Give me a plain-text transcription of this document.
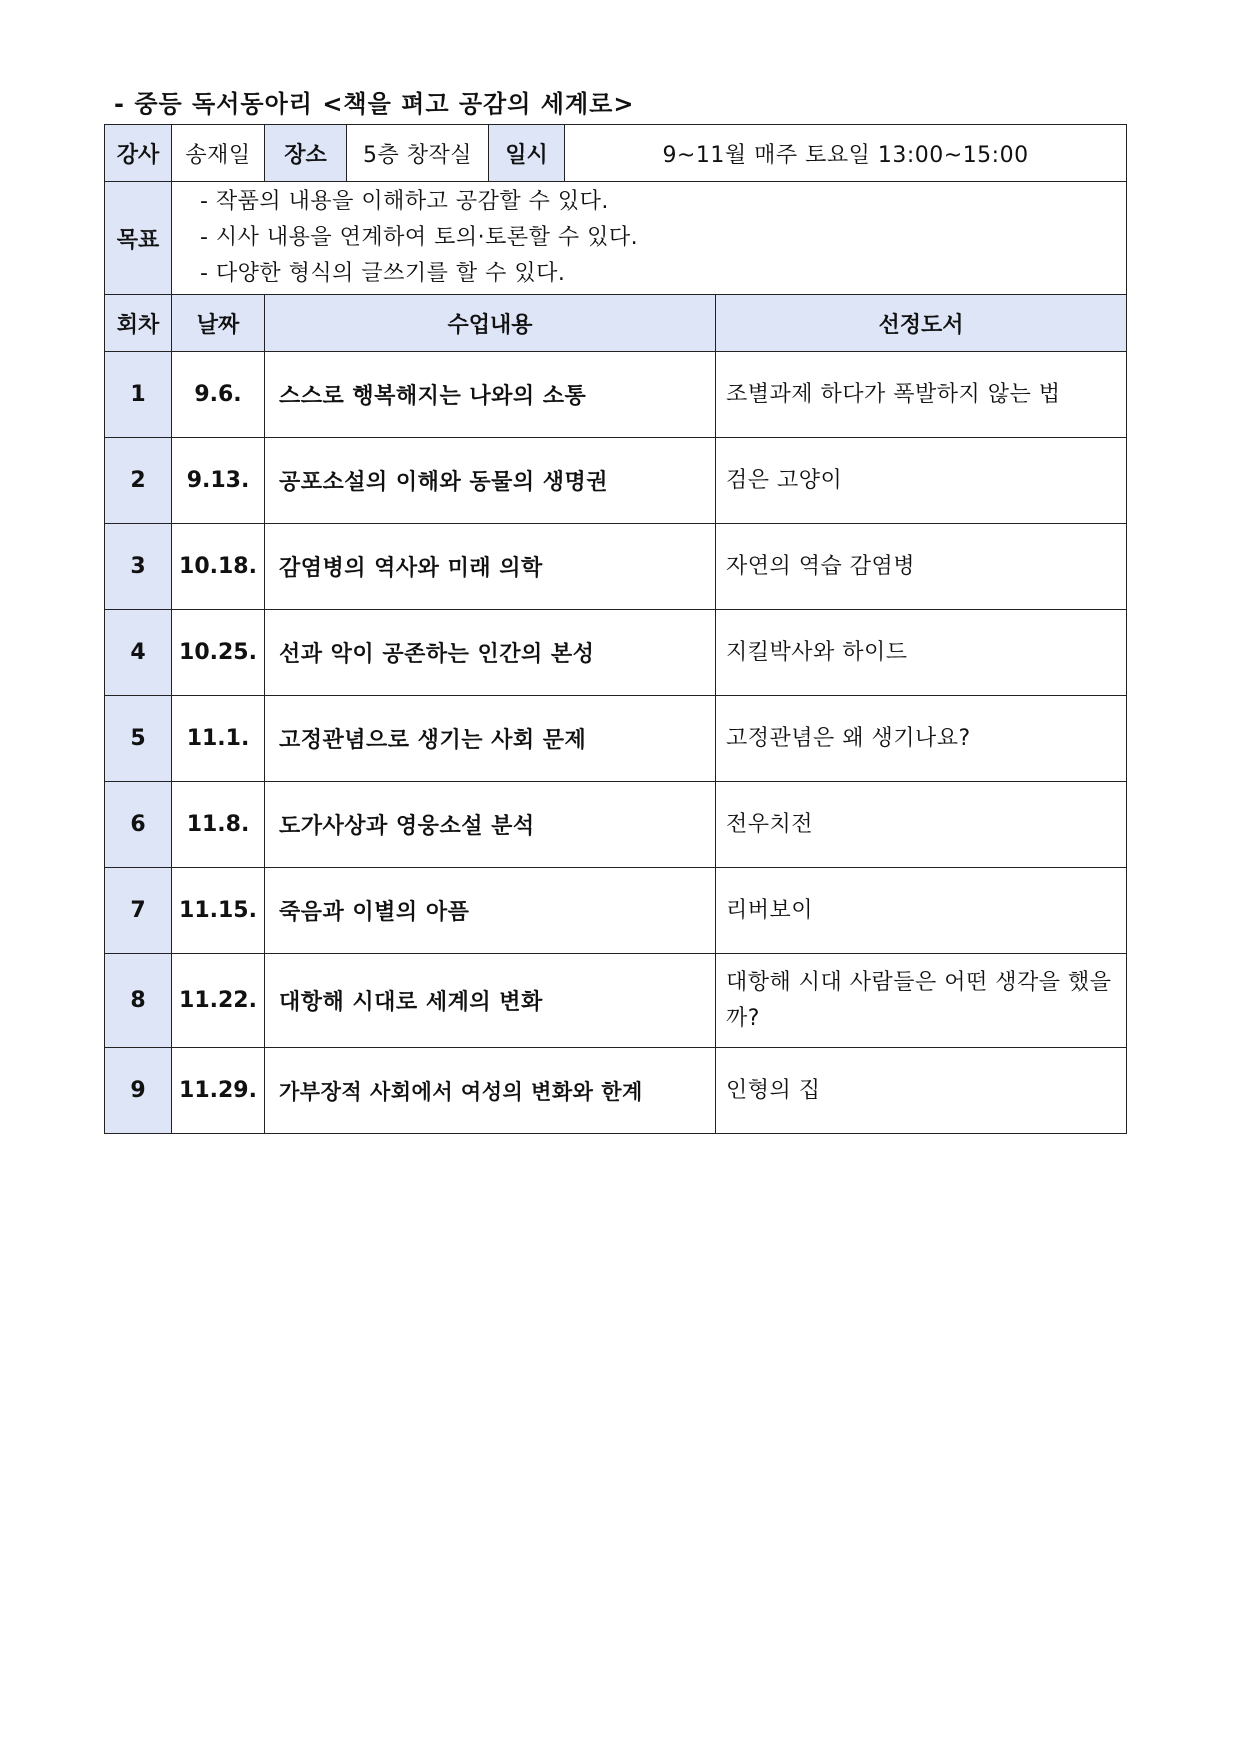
- 중등 독서동아리 <책을 펴고 공감의 세계로>
강사	송재일	장소	5층 창작실	일시	9~11월 매주 토요일 13:00~15:00	
목표	- 작품의 내용을 이해하고 공감할 수 있다.
- 시사 내용을 연계하여 토의·토론할 수 있다.
- 다양한 형식의 글쓰기를 할 수 있다.					

회차	날짜	수업내용				선정도서
1	9.6.	스스로 행복해지는 나와의 소통				조별과제 하다가 폭발하지 않는 법
2	9.13.	공포소설의 이해와 동물의 생명권				검은 고양이
3	10.18.	감염병의 역사와 미래 의학				자연의 역습 감염병
4	10.25.	선과 악이 공존하는 인간의 본성				지킬박사와 하이드
5	11.1.	고정관념으로 생기는 사회 문제				고정관념은 왜 생기나요?
6	11.8.	도가사상과 영웅소설 분석				전우치전
7	11.15.	죽음과 이별의 아픔				리버보이
8	11.22.	대항해 시대로 세계의 변화				대항해 시대 사람들은 어떤 생각을 했을까?
9	11.29.	가부장적 사회에서 여성의 변화와 한계				인형의 집
